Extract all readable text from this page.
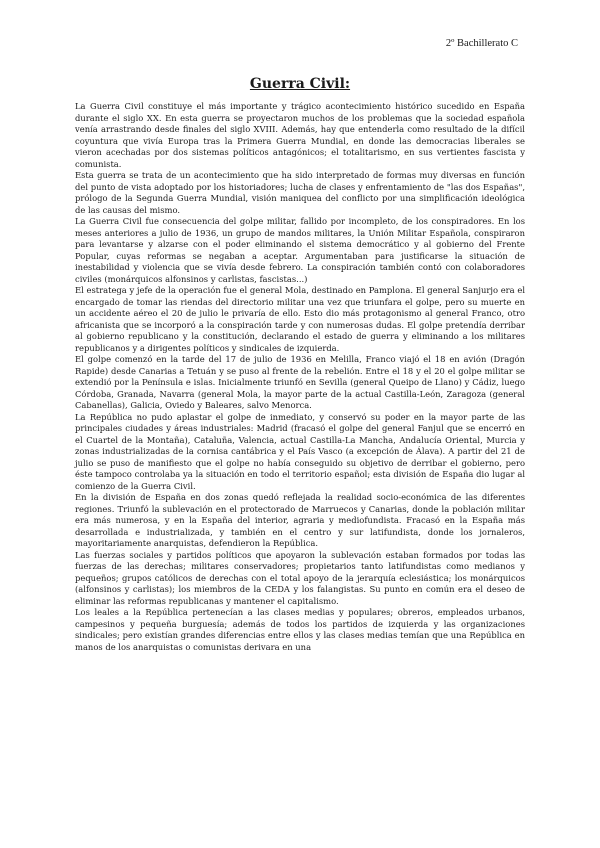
2º Bachillerato C
Guerra Civil:

La Guerra Civil constituye el más importante y trágico acontecimiento histórico sucedido en España durante el siglo XX. En esta guerra se proyectaron muchos de los problemas que la sociedad española venía arrastrando desde finales del siglo XVIII. Además, hay que entenderla como resultado de la difícil coyuntura que vivía Europa tras la Primera Guerra Mundial, en donde las democracias liberales se vieron acechadas por dos sistemas políticos antagónicos; el totalitarismo, en sus vertientes fascista y comunista.

Esta guerra se trata de un acontecimiento que ha sido interpretado de formas muy diversas en función del punto de vista adoptado por los historiadores; lucha de clases y enfrentamiento de "las dos Españas", prólogo de la Segunda Guerra Mundial, visión maniquea del conflicto por una simplificación ideológica de las causas del mismo.

La Guerra Civil fue consecuencia del golpe militar, fallido por incompleto, de los conspiradores. En los meses anteriores a julio de 1936, un grupo de mandos militares, la Unión Militar Española, conspiraron para levantarse y alzarse con el poder eliminando el sistema democrático y al gobierno del Frente Popular, cuyas reformas se negaban a aceptar. Argumentaban para justificarse la situación de inestabilidad y violencia que se vivía desde febrero. La conspiración también contó con colaboradores civiles (monárquicos alfonsinos y carlistas, fascistas...)

El estratega y jefe de la operación fue el general Mola, destinado en Pamplona. El general Sanjurjo era el encargado de tomar las riendas del directorio militar una vez que triunfara el golpe, pero su muerte en un accidente aéreo el 20 de julio le privaría de ello. Esto dio más protagonismo al general Franco, otro africanista que se incorporó a la conspiración tarde y con numerosas dudas. El golpe pretendía derribar al gobierno republicano y la constitución, declarando el estado de guerra y eliminando a los militares republicanos y a dirigentes políticos y sindicales de izquierda.

El golpe comenzó en la tarde del 17 de julio de 1936 en Melilla, Franco viajó el 18 en avión (Dragón Rapide) desde Canarias a Tetuán y se puso al frente de la rebelión. Entre el 18 y el 20 el golpe militar se extendió por la Península e islas. Inicialmente triunfó en Sevilla (general Queipo de Llano) y Cádiz, luego Córdoba, Granada, Navarra (general Mola, la mayor parte de la actual Castilla-León, Zaragoza (general Cabanellas), Galicia, Oviedo y Baleares, salvo Menorca.

La República no pudo aplastar el golpe de inmediato, y conservó su poder en la mayor parte de las principales ciudades y áreas industriales: Madrid (fracasó el golpe del general Fanjul que se encerró en el Cuartel de la Montaña), Cataluña, Valencia, actual Castilla-La Mancha, Andalucía Oriental, Murcia y zonas industrializadas de la cornisa cantábrica y el País Vasco (a excepción de Álava). A partir del 21 de julio se puso de manifiesto que el golpe no había conseguido su objetivo de derribar el gobierno, pero éste tampoco controlaba ya la situación en todo el territorio español; esta división de España dio lugar al comienzo de la Guerra Civil.

En la división de España en dos zonas quedó reflejada la realidad socio-económica de las diferentes regiones. Triunfó la sublevación en el protectorado de Marruecos y Canarias, donde la población militar era más numerosa, y en la España del interior, agraria y mediofundista. Fracasó en la España más desarrollada e industrializada, y también en el centro y sur latifundista, donde los jornaleros, mayoritariamente anarquistas, defendieron la República.

Las fuerzas sociales y partidos políticos que apoyaron la sublevación estaban formados por todas las fuerzas de las derechas; militares conservadores; propietarios tanto latifundistas como medianos y pequeños; grupos católicos de derechas con el total apoyo de la jerarquía eclesiástica; los monárquicos (alfonsinos y carlistas); los miembros de la CEDA y los falangistas. Su punto en común era el deseo de eliminar las reformas republicanas y mantener el capitalismo.

Los leales a la República pertenecían a las clases medias y populares; obreros, empleados urbanos, campesinos y pequeña burguesía; además de todos los partidos de izquierda y las organizaciones sindicales; pero existían grandes diferencias entre ellos y las clases medias temían que una República en manos de los anarquistas o comunistas derivara en una
